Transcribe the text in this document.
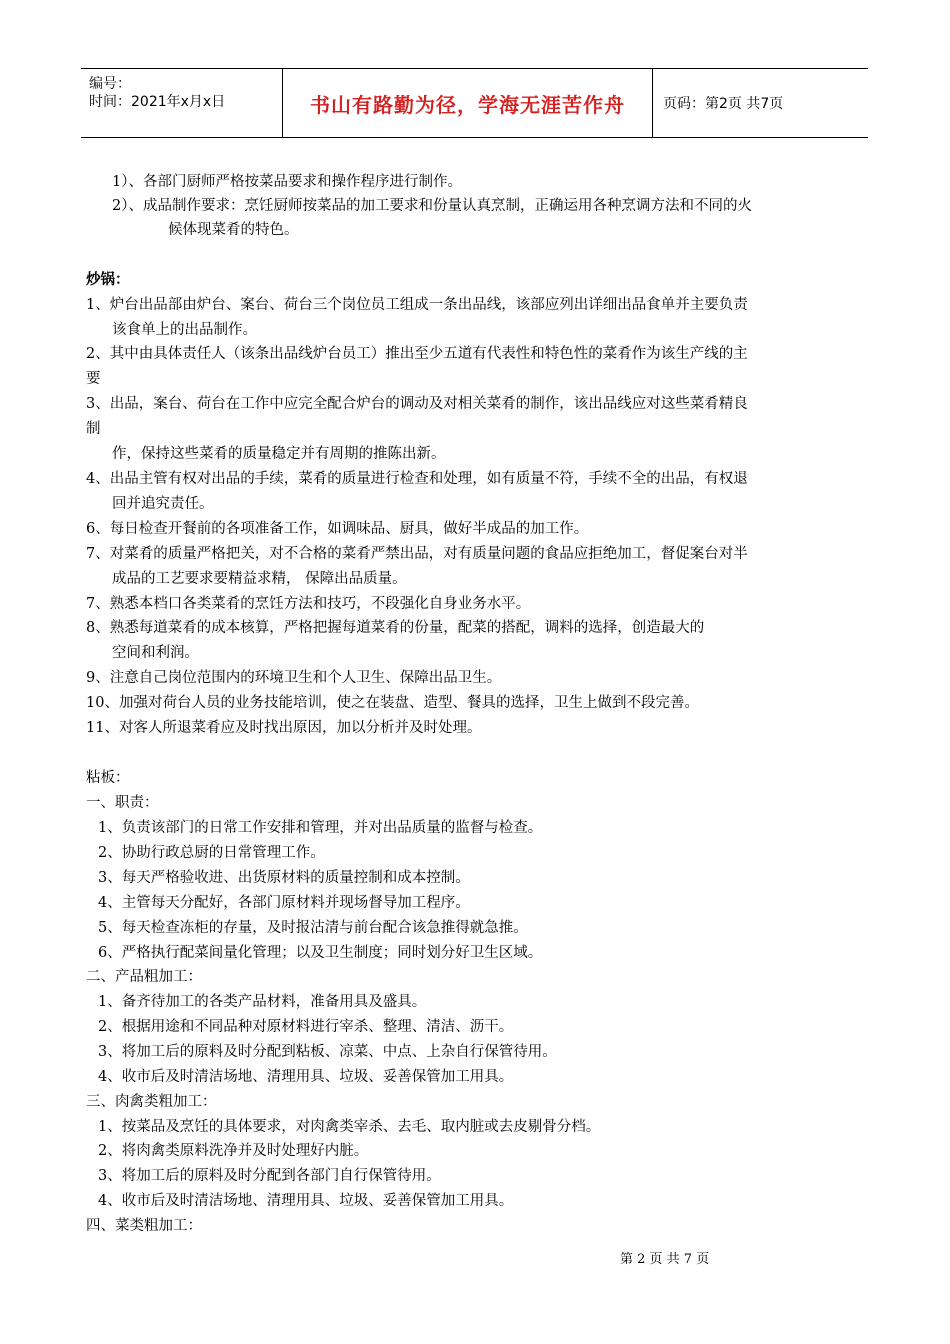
编号：
时间：2021年x月x日	书山有路勤为径，学海无涯苦作舟	页码：第2页 共7页
1）、各部门厨师严格按菜品要求和操作程序进行制作。
2）、成品制作要求：烹饪厨师按菜品的加工要求和份量认真烹制，正确运用各种烹调方法和不同的火
候体现菜肴的特色。
炒锅：
1、炉台出品部由炉台、案台、荷台三个岗位员工组成一条出品线，该部应列出详细出品食单并主要负责
该食单上的出品制作。
2、其中由具体责任人（该条出品线炉台员工）推出至少五道有代表性和特色性的菜肴作为该生产线的主
要
3、出品，案台、荷台在工作中应完全配合炉台的调动及对相关菜肴的制作，该出品线应对这些菜肴精良
制
作，保持这些菜肴的质量稳定并有周期的推陈出新。
4、出品主管有权对出品的手续，菜肴的质量进行检查和处理，如有质量不符，手续不全的出品，有权退
回并追究责任。
6、每日检查开餐前的各项准备工作，如调味品、厨具，做好半成品的加工作。
7、对菜肴的质量严格把关，对不合格的菜肴严禁出品，对有质量问题的食品应拒绝加工，督促案台对半
成品的工艺要求要精益求精， 保障出品质量。
7、熟悉本档口各类菜肴的烹饪方法和技巧，不段强化自身业务水平。
8、熟悉每道菜肴的成本核算，严格把握每道菜肴的份量，配菜的搭配，调料的选择，创造最大的
空间和利润。
9、注意自己岗位范围内的环境卫生和个人卫生、保障出品卫生。
10、加强对荷台人员的业务技能培训，使之在装盘、造型、餐具的选择，卫生上做到不段完善。
11、对客人所退菜肴应及时找出原因，加以分析并及时处理。
粘板：
一、职责：
1、负责该部门的日常工作安排和管理，并对出品质量的监督与检查。
2、协助行政总厨的日常管理工作。
3、每天严格验收进、出货原材料的质量控制和成本控制。
4、主管每天分配好，各部门原材料并现场督导加工程序。
5、每天检查冻柜的存量，及时报沽清与前台配合该急推得就急推。
6、严格执行配菜间量化管理；以及卫生制度；同时划分好卫生区域。
二、产品粗加工：
1、备齐待加工的各类产品材料，准备用具及盛具。
2、根据用途和不同品种对原材料进行宰杀、整理、清洁、沥干。
3、将加工后的原料及时分配到粘板、凉菜、中点、上杂自行保管待用。
4、收市后及时清洁场地、清理用具、垃圾、妥善保管加工用具。
三、肉禽类粗加工：
1、按菜品及烹饪的具体要求，对肉禽类宰杀、去毛、取内脏或去皮剔骨分档。
2、将肉禽类原料洗净并及时处理好内脏。
3、将加工后的原料及时分配到各部门自行保管待用。
4、收市后及时清洁场地、清理用具、垃圾、妥善保管加工用具。
四、菜类粗加工：
第 2 页 共 7 页
